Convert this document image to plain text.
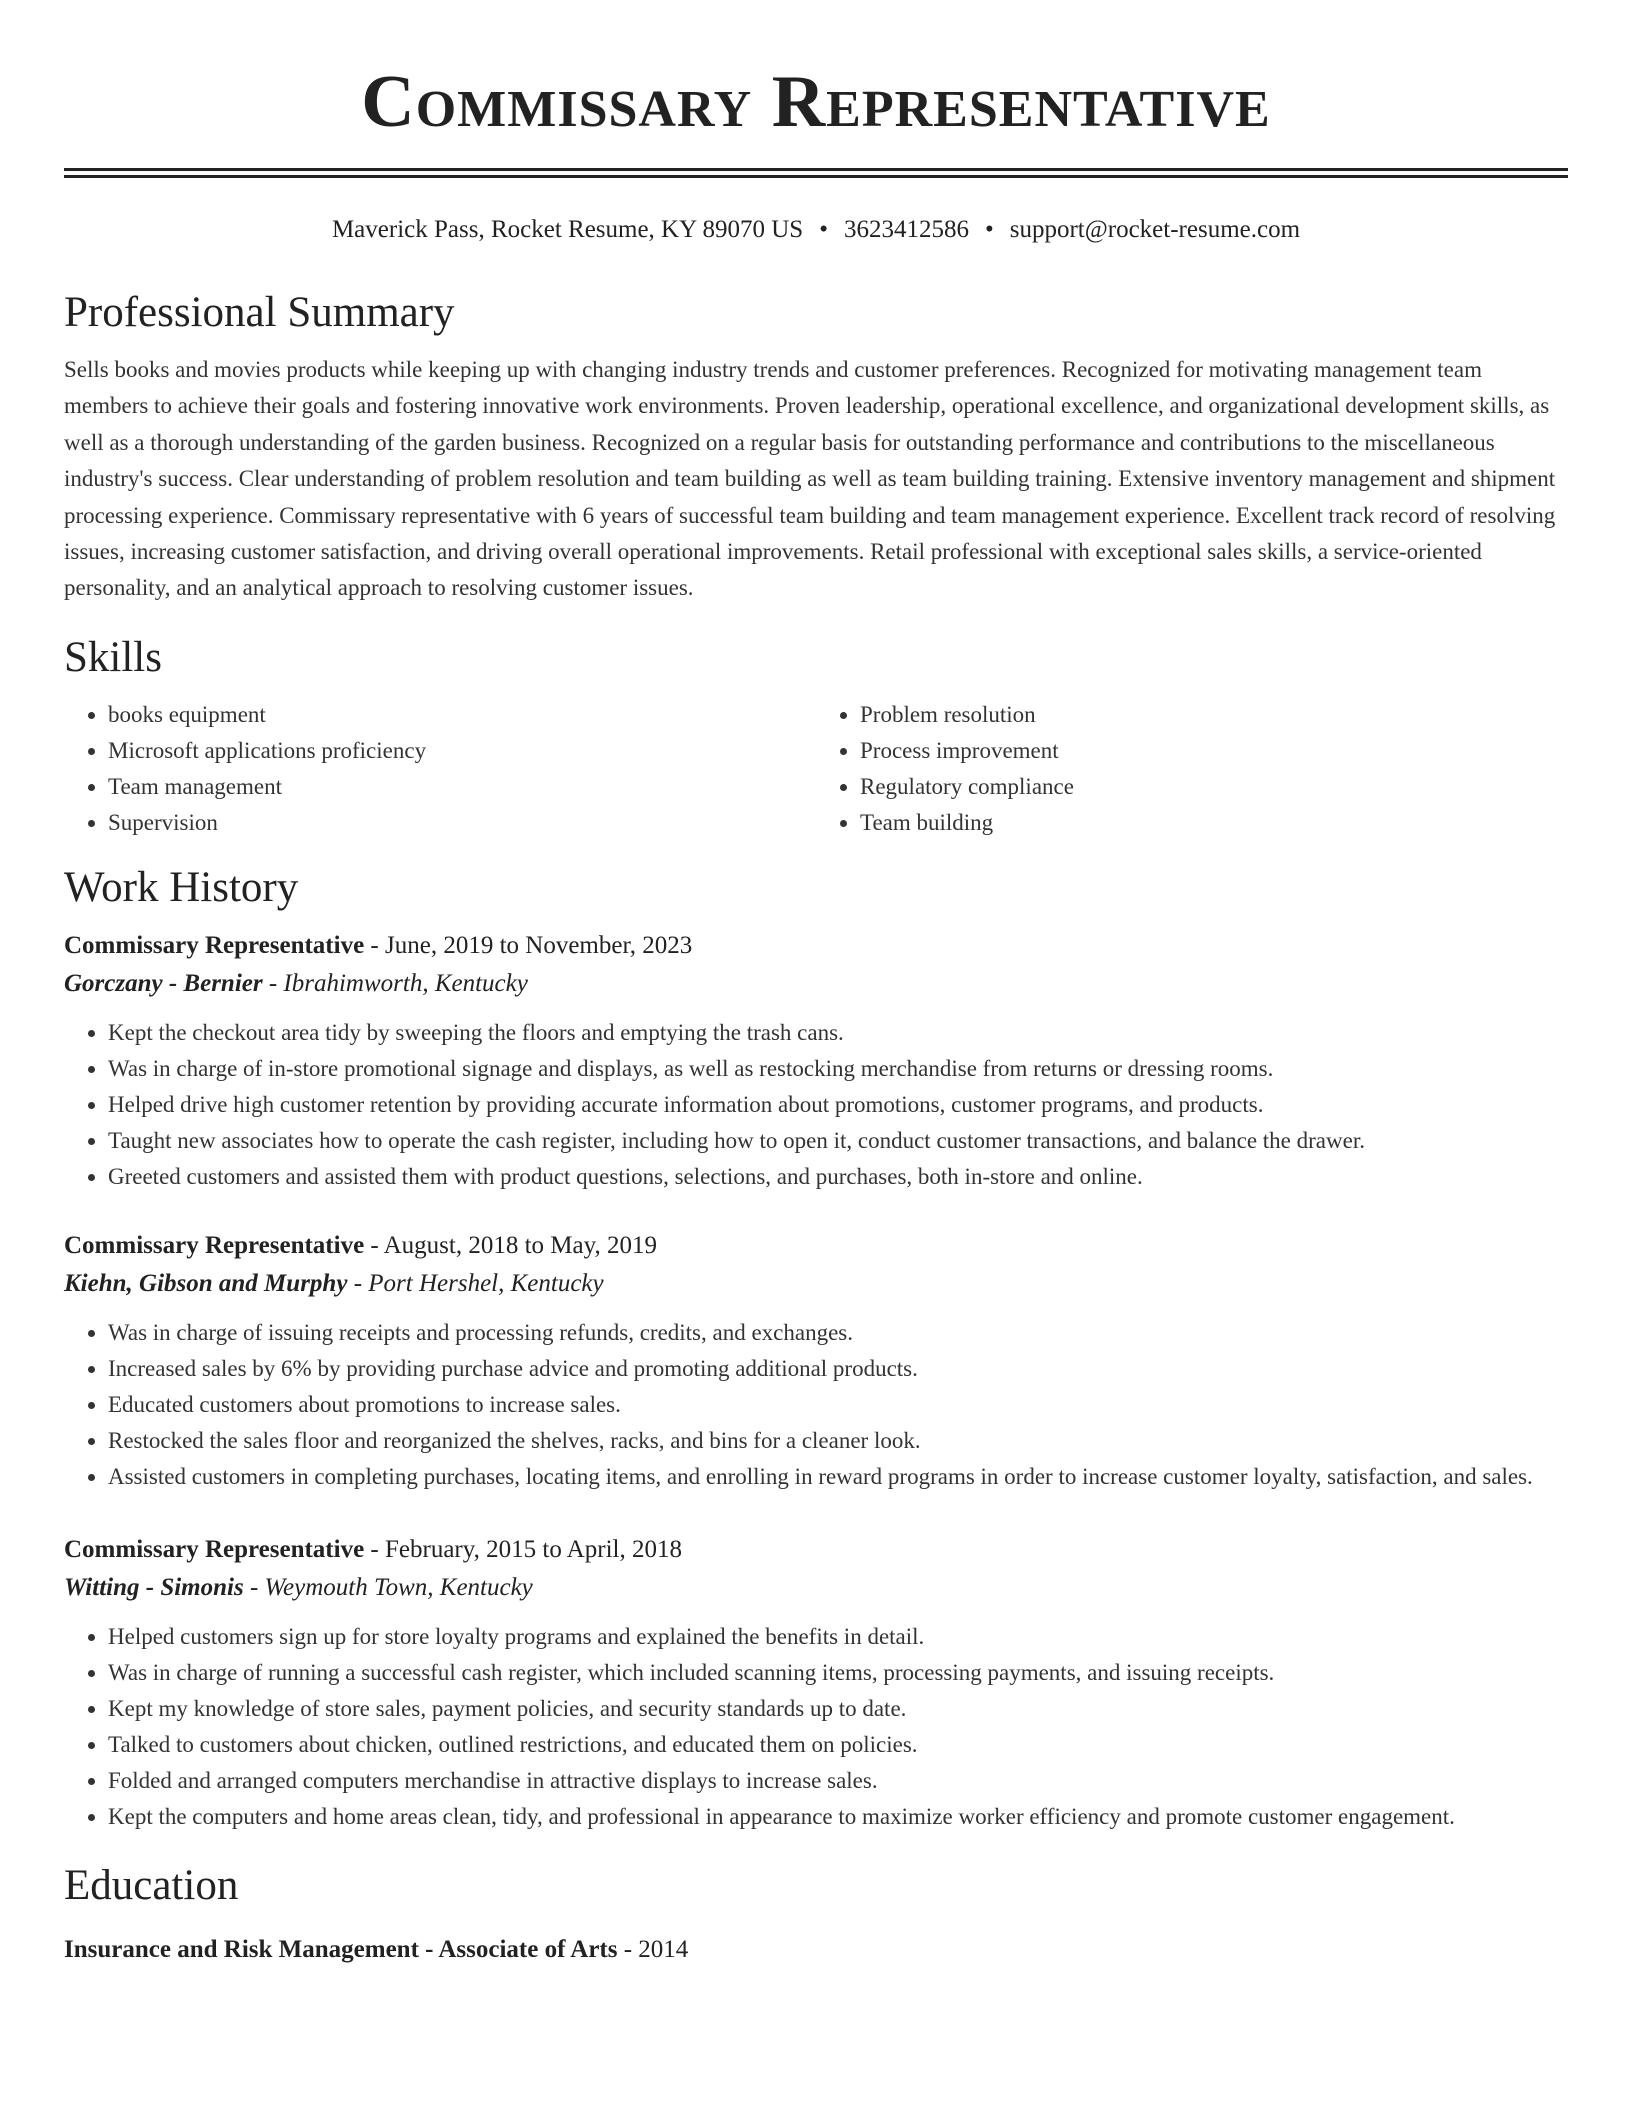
Commissary Representative
Maverick Pass, Rocket Resume, KY 89070 US • 3623412586 • support@rocket-resume.com
Professional Summary

Sells books and movies products while keeping up with changing industry trends and customer preferences. Recognized for motivating management team members to achieve their goals and fostering innovative work environments. Proven leadership, operational excellence, and organizational development skills, as well as a thorough understanding of the garden business. Recognized on a regular basis for outstanding performance and contributions to the miscellaneous industry's success. Clear understanding of problem resolution and team building as well as team building training. Extensive inventory management and shipment processing experience. Commissary representative with 6 years of successful team building and team management experience. Excellent track record of resolving issues, increasing customer satisfaction, and driving overall operational improvements. Retail professional with exceptional sales skills, a service-oriented personality, and an analytical approach to resolving customer issues.

Skills
• books equipment
• Microsoft applications proficiency
• Team management
• Supervision
• Problem resolution
• Process improvement
• Regulatory compliance
• Team building
Work History
Commissary Representative - June, 2019 to November, 2023
Gorczany - Bernier - Ibrahimworth, Kentucky
• Kept the checkout area tidy by sweeping the floors and emptying the trash cans.
• Was in charge of in-store promotional signage and displays, as well as restocking merchandise from returns or dressing rooms.
• Helped drive high customer retention by providing accurate information about promotions, customer programs, and products.
• Taught new associates how to operate the cash register, including how to open it, conduct customer transactions, and balance the drawer.
• Greeted customers and assisted them with product questions, selections, and purchases, both in-store and online.
Commissary Representative - August, 2018 to May, 2019
Kiehn, Gibson and Murphy - Port Hershel, Kentucky
• Was in charge of issuing receipts and processing refunds, credits, and exchanges.
• Increased sales by 6% by providing purchase advice and promoting additional products.
• Educated customers about promotions to increase sales.
• Restocked the sales floor and reorganized the shelves, racks, and bins for a cleaner look.
• Assisted customers in completing purchases, locating items, and enrolling in reward programs in order to increase customer loyalty, satisfaction, and sales.
Commissary Representative - February, 2015 to April, 2018
Witting - Simonis - Weymouth Town, Kentucky
• Helped customers sign up for store loyalty programs and explained the benefits in detail.
• Was in charge of running a successful cash register, which included scanning items, processing payments, and issuing receipts.
• Kept my knowledge of store sales, payment policies, and security standards up to date.
• Talked to customers about chicken, outlined restrictions, and educated them on policies.
• Folded and arranged computers merchandise in attractive displays to increase sales.
• Kept the computers and home areas clean, tidy, and professional in appearance to maximize worker efficiency and promote customer engagement.
Education
Insurance and Risk Management - Associate of Arts - 2014
